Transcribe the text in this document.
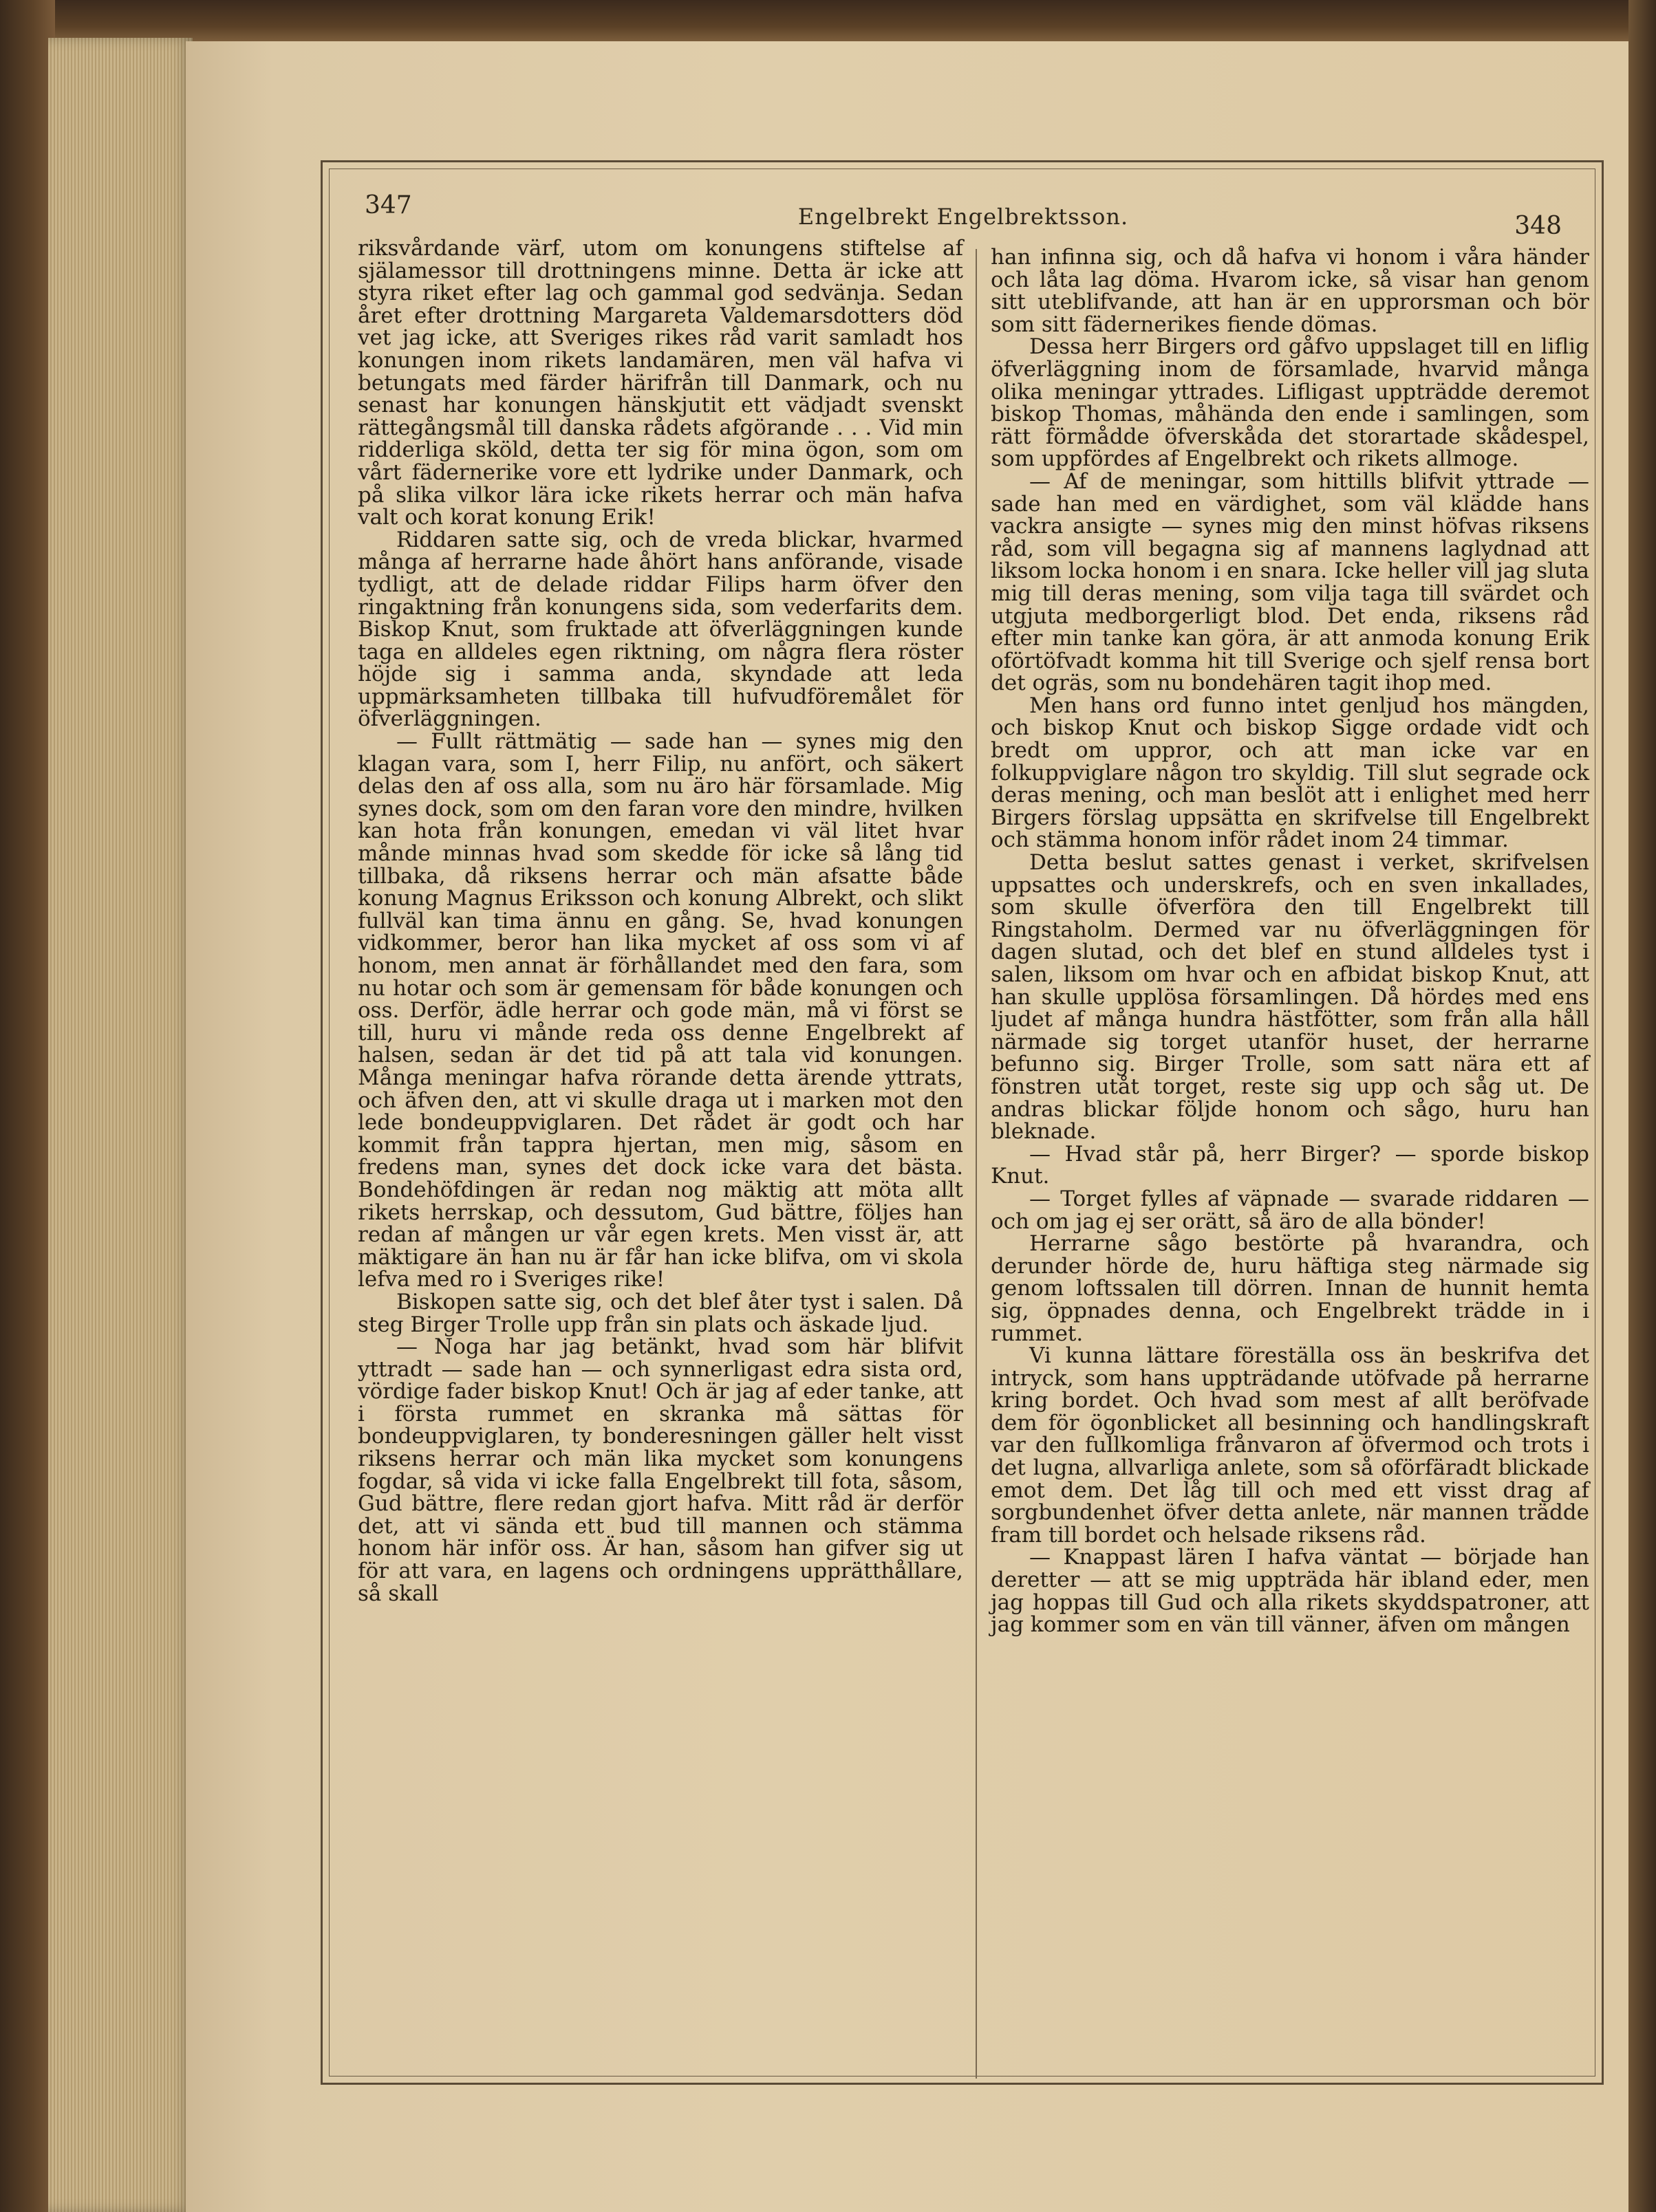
347	Engelbrekt Engelbrektsson.	348

riksvårdande värf, utom om konungens stiftelse af själamessor till drottningens minne. Detta är icke att styra riket efter lag och gammal god sedvänja. Sedan året efter drottning Margareta Valdemarsdotters död vet jag icke, att Sveriges rikes råd varit samladt hos konungen inom rikets landamären, men väl hafva vi betungats med färder härifrån till Danmark, och nu senast har konungen hänskjutit ett vädjadt svenskt rättegångsmål till danska rådets afgörande . . . Vid min ridderliga sköld, detta ter sig för mina ögon, som om vårt fädernerike vore ett lydrike under Danmark, och på slika vilkor lära icke rikets herrar och män hafva valt och korat konung Erik!

Riddaren satte sig, och de vreda blickar, hvarmed många af herrarne hade åhört hans anförande, visade tydligt, att de delade riddar Filips harm öfver den ringaktning från konungens sida, som vederfarits dem. Biskop Knut, som fruktade att öfverläggningen kunde taga en alldeles egen riktning, om några flera röster höjde sig i samma anda, skyndade att leda uppmärksamheten tillbaka till hufvudföremålet för öfverläggningen.

— Fullt rättmätig — sade han — synes mig den klagan vara, som I, herr Filip, nu anfört, och säkert delas den af oss alla, som nu äro här församlade. Mig synes dock, som om den faran vore den mindre, hvilken kan hota från konungen, emedan vi väl litet hvar månde minnas hvad som skedde för icke så lång tid tillbaka, då riksens herrar och män afsatte både konung Magnus Eriksson och konung Albrekt, och slikt fullväl kan tima ännu en gång. Se, hvad konungen vidkommer, beror han lika mycket af oss som vi af honom, men annat är förhållandet med den fara, som nu hotar och som är gemensam för både konungen och oss. Derför, ädle herrar och gode män, må vi först se till, huru vi månde reda oss denne Engelbrekt af halsen, sedan är det tid på att tala vid konungen. Många meningar hafva rörande detta ärende yttrats, och äfven den, att vi skulle draga ut i marken mot den lede bondeuppviglaren. Det rådet är godt och har kommit från tappra hjertan, men mig, såsom en fredens man, synes det dock icke vara det bästa. Bondehöfdingen är redan nog mäktig att möta allt rikets herrskap, och dessutom, Gud bättre, följes han redan af mången ur vår egen krets. Men visst är, att mäktigare än han nu är får han icke blifva, om vi skola lefva med ro i Sveriges rike!

Biskopen satte sig, och det blef åter tyst i salen. Då steg Birger Trolle upp från sin plats och äskade ljud.

— Noga har jag betänkt, hvad som här blifvit yttradt — sade han — och synnerligast edra sista ord, vördige fader biskop Knut! Och är jag af eder tanke, att i första rummet en skranka må sättas för bondeuppviglaren, ty bonderesningen gäller helt visst riksens herrar och män lika mycket som konungens fogdar, så vida vi icke falla Engelbrekt till fota, såsom, Gud bättre, flere redan gjort hafva. Mitt råd är derför det, att vi sända ett bud till mannen och stämma honom här inför oss. Är han, såsom han gifver sig ut för att vara, en lagens och ordningens upprätthållare, så skall

han infinna sig, och då hafva vi honom i våra händer och låta lag döma. Hvarom icke, så visar han genom sitt uteblifvande, att han är en upprorsman och bör som sitt fädernerikes fiende dömas.

Dessa herr Birgers ord gåfvo uppslaget till en liflig öfverläggning inom de församlade, hvarvid många olika meningar yttrades. Lifligast uppträdde deremot biskop Thomas, måhända den ende i samlingen, som rätt förmådde öfverskåda det storartade skådespel, som uppfördes af Engelbrekt och rikets allmoge.

— Af de meningar, som hittills blifvit yttrade — sade han med en värdighet, som väl klädde hans vackra ansigte — synes mig den minst höfvas riksens råd, som vill begagna sig af mannens laglydnad att liksom locka honom i en snara. Icke heller vill jag sluta mig till deras mening, som vilja taga till svärdet och utgjuta medborgerligt blod. Det enda, riksens råd efter min tanke kan göra, är att anmoda konung Erik oförtöfvadt komma hit till Sverige och sjelf rensa bort det ogräs, som nu bondehären tagit ihop med.

Men hans ord funno intet genljud hos mängden, och biskop Knut och biskop Sigge ordade vidt och bredt om uppror, och att man icke var en folkuppviglare någon tro skyldig. Till slut segrade ock deras mening, och man beslöt att i enlighet med herr Birgers förslag uppsätta en skrifvelse till Engelbrekt och stämma honom inför rådet inom 24 timmar.

Detta beslut sattes genast i verket, skrifvelsen uppsattes och underskrefs, och en sven inkallades, som skulle öfverföra den till Engelbrekt till Ringstaholm. Dermed var nu öfverläggningen för dagen slutad, och det blef en stund alldeles tyst i salen, liksom om hvar och en afbidat biskop Knut, att han skulle upplösa församlingen. Då hördes med ens ljudet af många hundra hästfötter, som från alla håll närmade sig torget utanför huset, der herrarne befunno sig. Birger Trolle, som satt nära ett af fönstren utåt torget, reste sig upp och såg ut. De andras blickar följde honom och sågo, huru han bleknade.

— Hvad står på, herr Birger? — sporde biskop Knut.

— Torget fylles af väpnade — svarade riddaren — och om jag ej ser orätt, så äro de alla bönder!

Herrarne sågo bestörte på hvarandra, och derunder hörde de, huru häftiga steg närmade sig genom loftssalen till dörren. Innan de hunnit hemta sig, öppnades denna, och Engelbrekt trädde in i rummet.

Vi kunna lättare föreställa oss än beskrifva det intryck, som hans uppträdande utöfvade på herrarne kring bordet. Och hvad som mest af allt beröfvade dem för ögonblicket all besinning och handlingskraft var den fullkomliga frånvaron af öfvermod och trots i det lugna, allvarliga anlete, som så oförfäradt blickade emot dem. Det låg till och med ett visst drag af sorgbundenhet öfver detta anlete, när mannen trädde fram till bordet och helsade riksens råd.

— Knappast lären I hafva väntat — började han deretter — att se mig uppträda här ibland eder, men jag hoppas till Gud och alla rikets skyddspatroner, att jag kommer som en vän till vänner, äfven om mången
